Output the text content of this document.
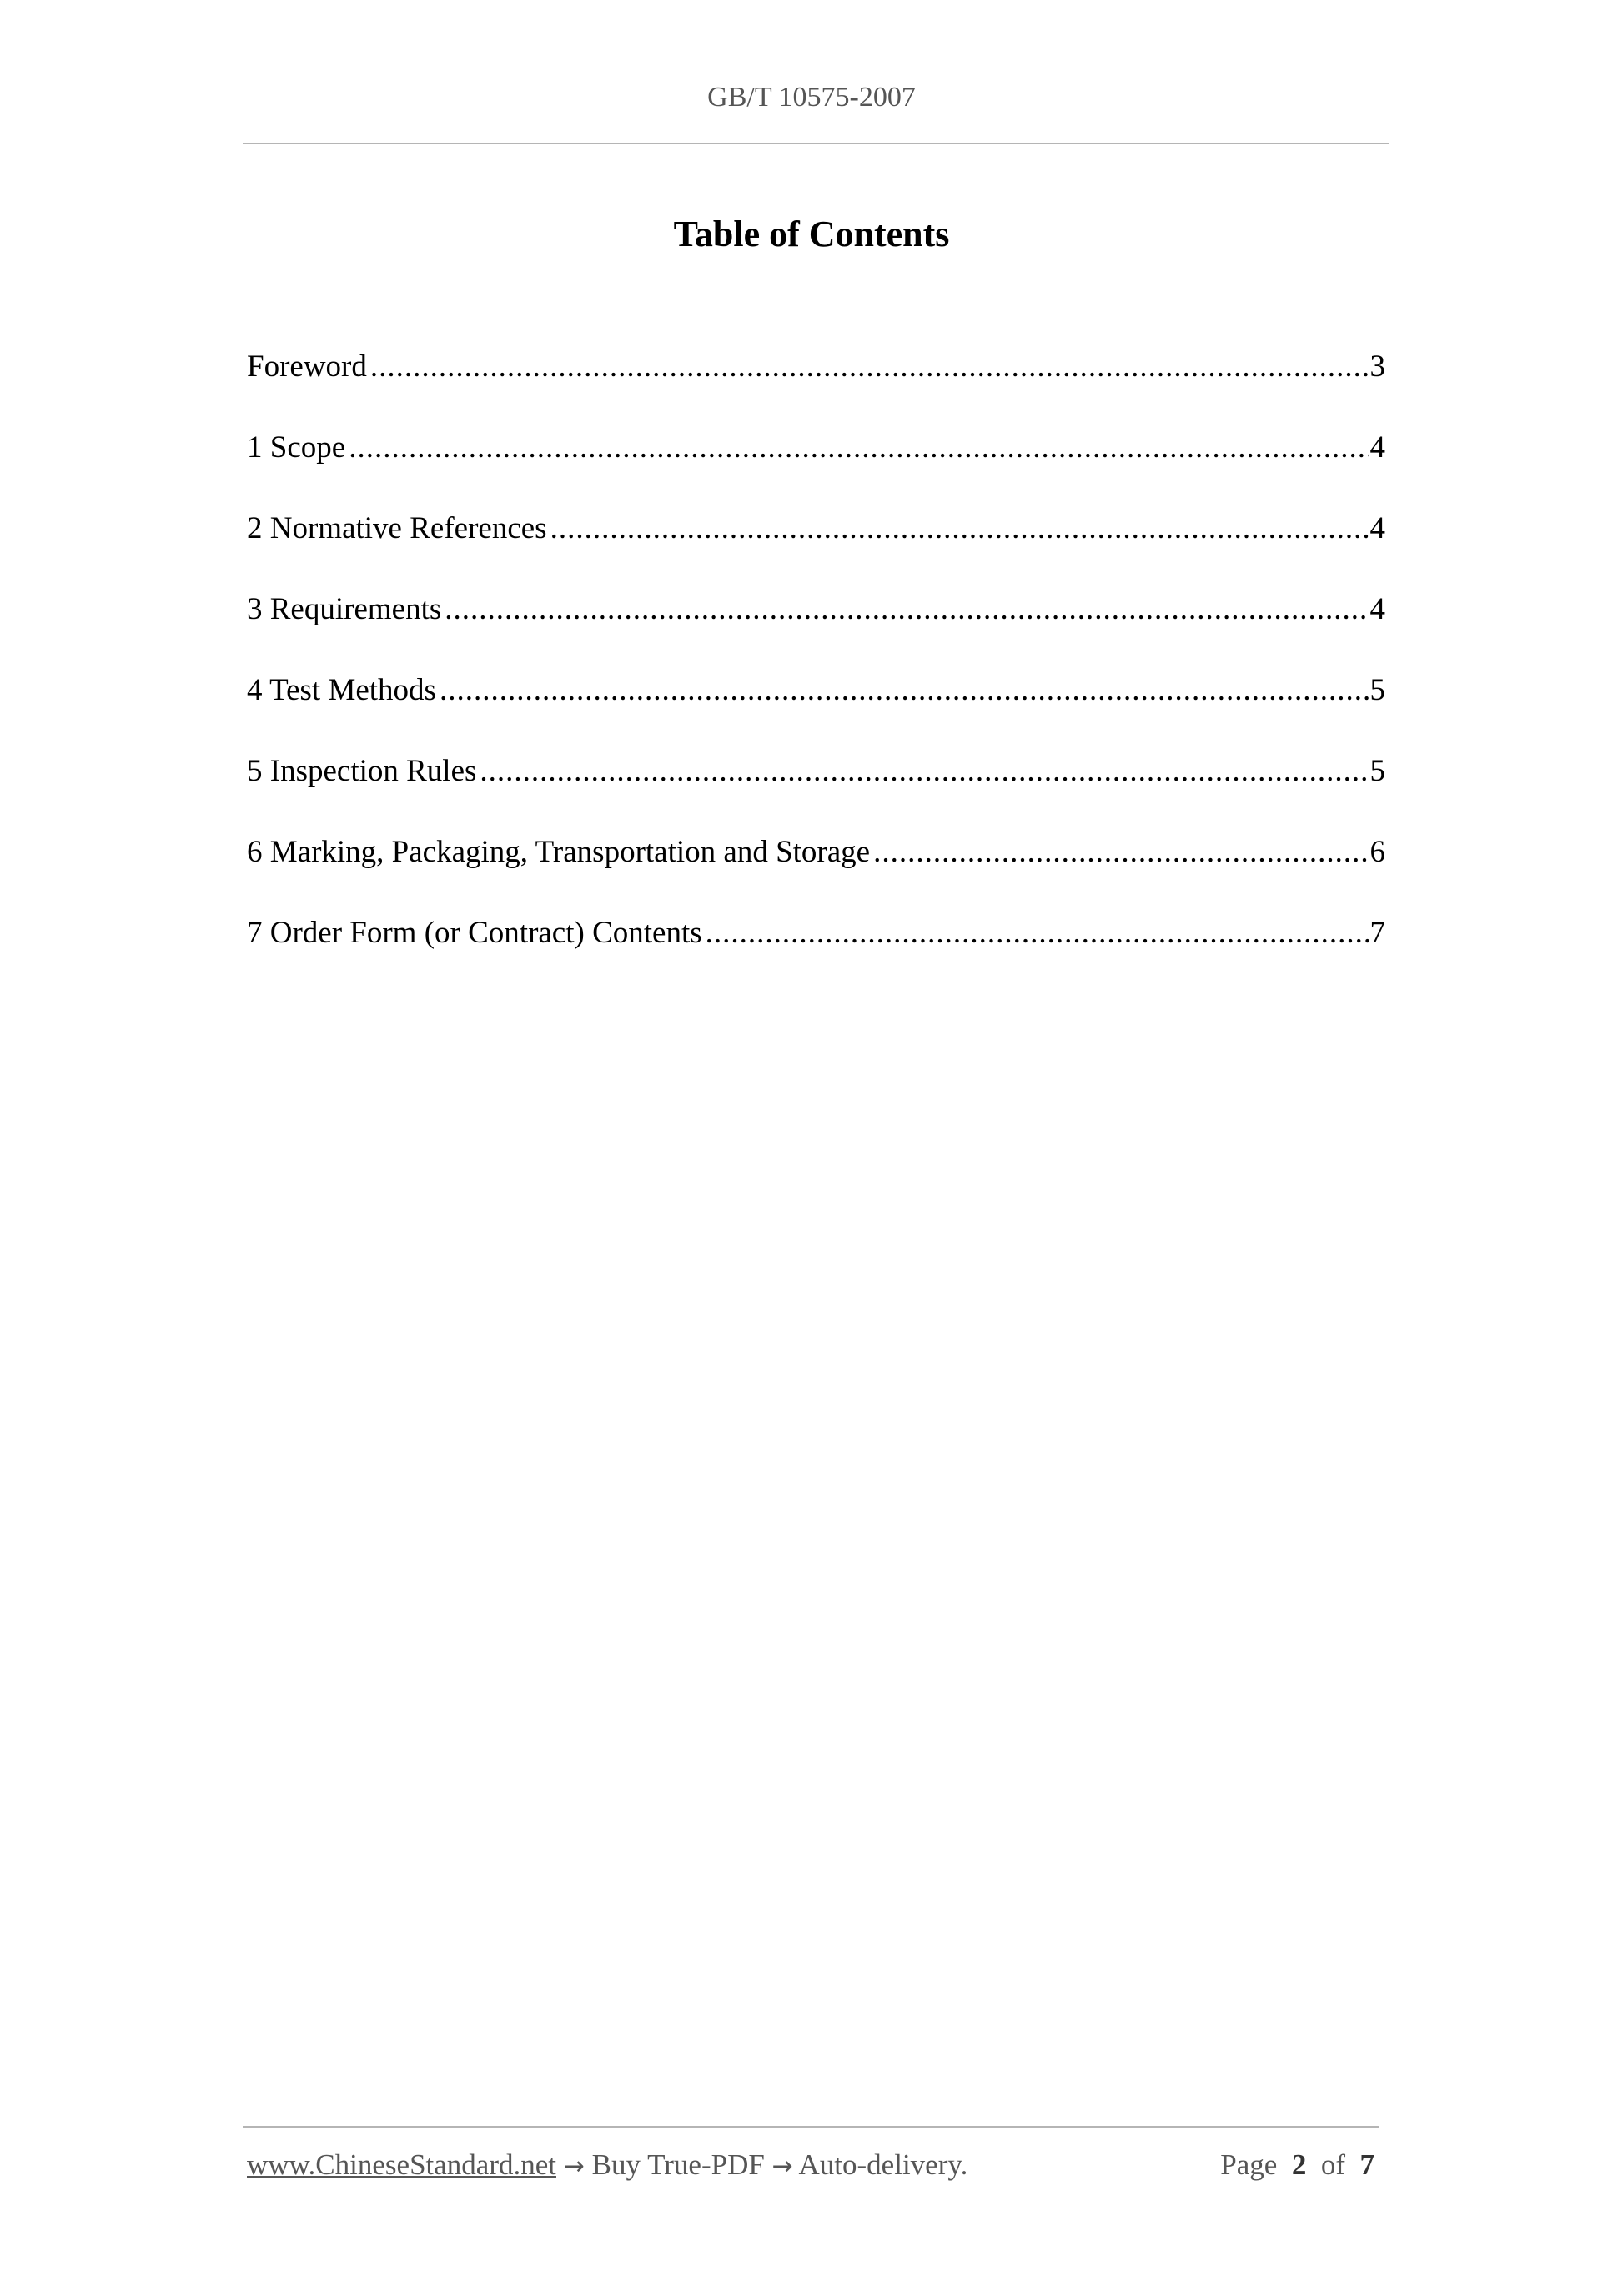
GB/T 10575-2007
Table of Contents
Foreword .....	3
1 Scope .....	4
2 Normative References .....	4
3 Requirements .....	4
4 Test Methods .....	5
5 Inspection Rules .....	5
6 Marking, Packaging, Transportation and Storage .....	6
7 Order Form (or Contract) Contents .....	7
www.ChineseStandard.net → Buy True-PDF → Auto-delivery.	Page 2 of 7
